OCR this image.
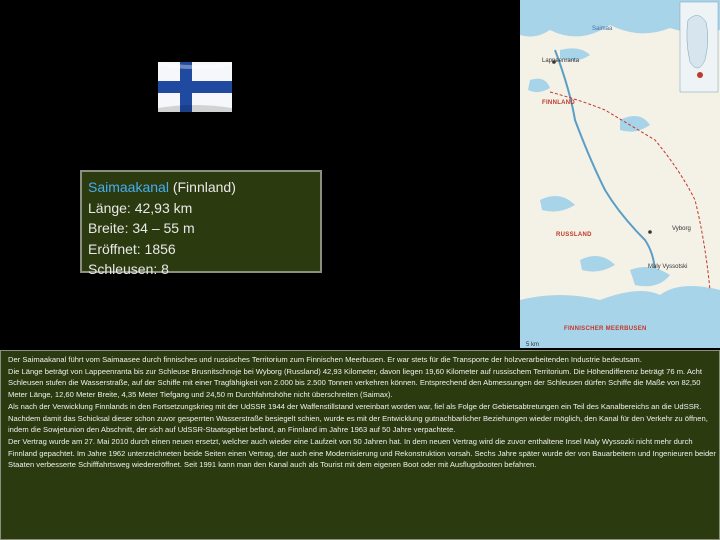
Saimaakanal (Finnland)
Länge: 42,93 km
Breite: 34 – 55 m
Eröffnet: 1856
Schleusen: 8
Saimaa
Lappeenranta
FINNLAND
RUSSLAND
Vyborg
Maly Vyssotski
FINNISCHER MEERBUSEN
5 km

Der Saimaakanal führt vom Saimaasee durch finnisches und russisches Territorium zum Finnischen Meerbusen. Er war stets für die Transporte der holzverarbeitenden Industrie bedeutsam.

Die Länge beträgt von Lappeenranta bis zur Schleuse Brusnitschnoje bei Wyborg (Russland) 42,93 Kilometer, davon liegen 19,60 Kilometer auf russischem Territorium. Die Höhendifferenz beträgt 76 m. Acht Schleusen stufen die Wasserstraße, auf der Schiffe mit einer Tragfähigkeit von 2.000 bis 2.500 Tonnen verkehren können. Entsprechend den Abmessungen der Schleusen dürfen Schiffe die Maße von 82,50 Meter Länge, 12,60 Meter Breite, 4,35 Meter Tiefgang und 24,50 m Durchfahrtshöhe nicht überschreiten (Saimax).

Als nach der Verwicklung Finnlands in den Fortsetzungskrieg mit der UdSSR 1944 der Waffenstillstand vereinbart worden war, fiel als Folge der Gebietsabtretungen ein Teil des Kanalbereichs an die UdSSR. Nachdem damit das Schicksal dieser schon zuvor gesperrten Wasserstraße besiegelt schien, wurde es mit der Entwicklung gutnachbarlicher Beziehungen wieder möglich, den Kanal für den Verkehr zu öffnen, indem die Sowjetunion den Abschnitt, der sich auf UdSSR-Staatsgebiet befand, an Finnland im Jahre 1963 auf 50 Jahre verpachtete.

Der Vertrag wurde am 27. Mai 2010 durch einen neuen ersetzt, welcher auch wieder eine Laufzeit von 50 Jahren hat. In dem neuen Vertrag wird die zuvor enthaltene Insel Maly Wyssozki nicht mehr durch Finnland gepachtet. Im Jahre 1962 unterzeichneten beide Seiten einen Vertrag, der auch eine Modernisierung und Rekonstruktion vorsah. Sechs Jahre später wurde der von Bauarbeitern und Ingenieuren beider Staaten verbesserte Schifffahrtsweg wiedereröffnet. Seit 1991 kann man den Kanal auch als Tourist mit dem eigenen Boot oder mit Ausflugsbooten befahren.
